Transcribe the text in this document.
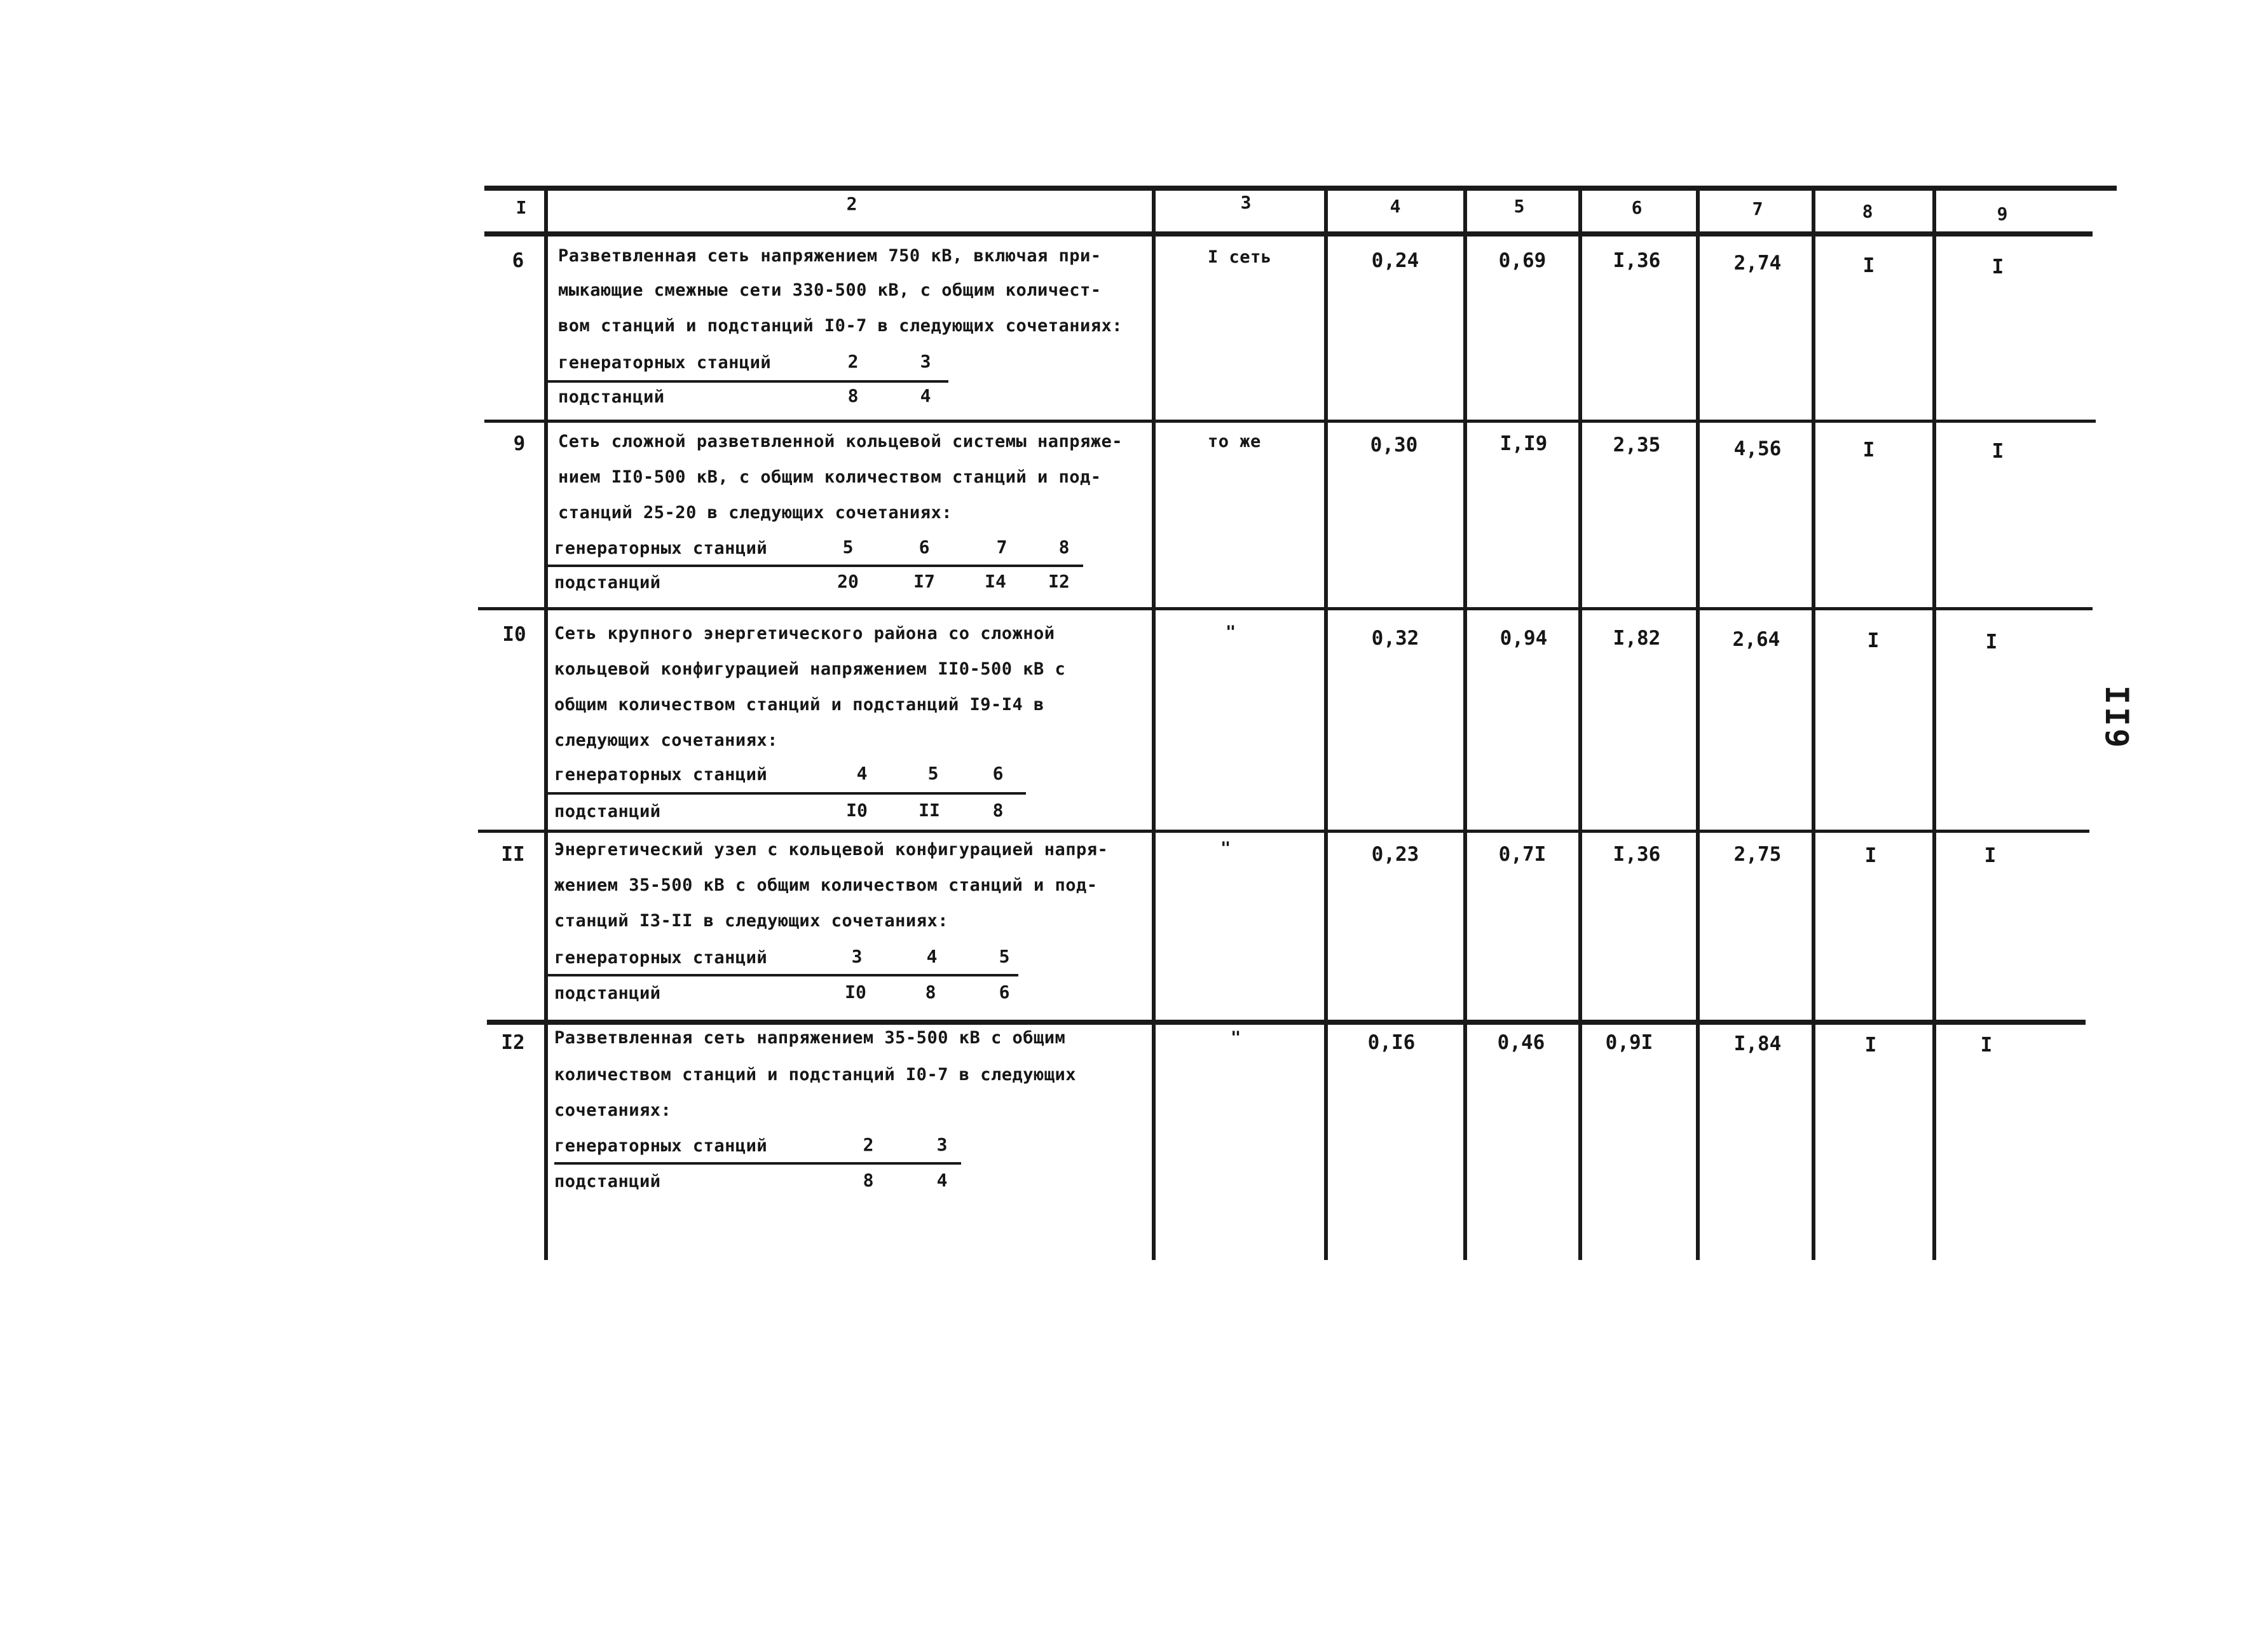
I	2	3	4	5	6	7	8	9
6	Разветвленная сеть напряжением 750 кВ, включая при-
мыкающие смежные сети 330-500 кВ, с общим количест-
вом станций и подстанций I0-7 в следующих сочетаниях:
генераторных станций	2	3
подстанций	8	4
I сеть	0,24	0,69	I,36	2,74	I	I
9	Сеть сложной разветвленной кольцевой системы напряже-
нием II0-500 кВ, с общим количеством станций и под-
станций 25-20 в следующих сочетаниях:
генераторных станций	5	6	7	8
подстанций	20	I7	I4	I2
то же	0,30	I,I9	2,35	4,56	I	I
I0	Сеть крупного энергетического района со сложной
кольцевой конфигурацией напряжением II0-500 кВ с
общим количеством станций и подстанций I9-I4 в
следующих сочетаниях:
генераторных станций	4	5	6
подстанций	I0	II	8
"	0,32	0,94	I,82	2,64	I	I
II	Энергетический узел с кольцевой конфигурацией напря-
жением 35-500 кВ с общим количеством станций и под-
станций I3-II в следующих сочетаниях:
генераторных станций	3	4	5
подстанций	I0	8	6
"	0,23	0,7I	I,36	2,75	I	I
I2	Разветвленная сеть напряжением 35-500 кВ с общим
количеством станций и подстанций I0-7 в следующих
сочетаниях:
генераторных станций	2	3
подстанций	8	4
"	0,I6	0,46	0,9I	I,84	I	I
II9
